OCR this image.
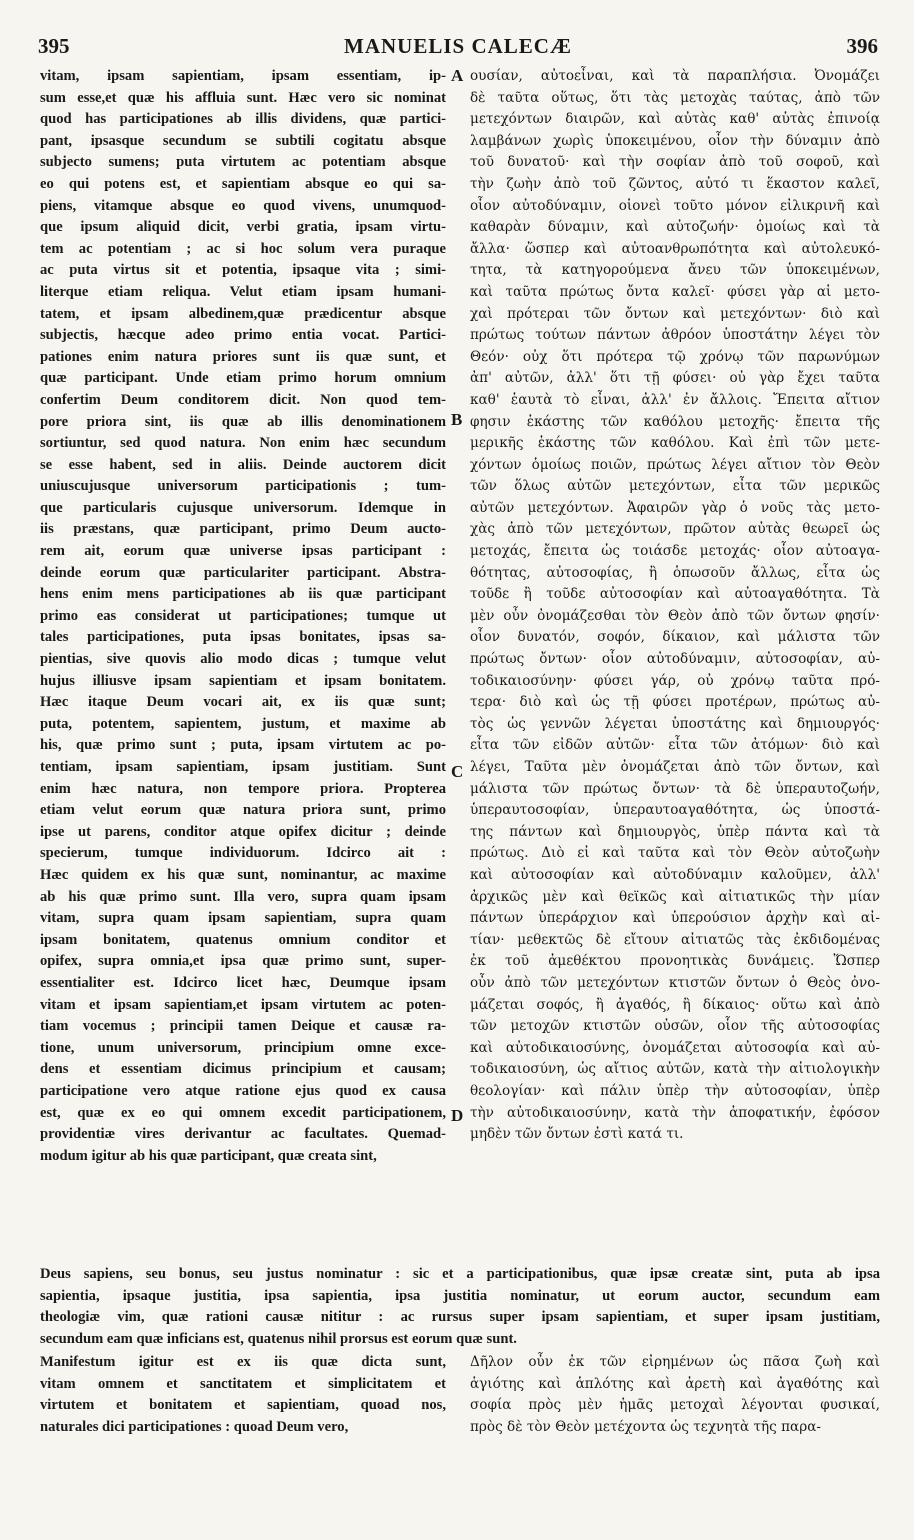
395	MANUELIS CALECÆ	396
vitam, ipsam sapientiam, ipsam essentiam, ip-
sum esse,et quæ his affluia sunt. Hæc vero sic nominat
quod has participationes ab illis dividens, quæ partici-
pant, ipsasque secundum se subtili cogitatu absque
subjecto sumens; puta virtutem ac potentiam absque
eo qui potens est, et sapientiam absque eo qui sa-
piens, vitamque absque eo quod vivens, unumquod-
que ipsum aliquid dicit, verbi gratia, ipsam virtu-
tem ac potentiam ; ac si hoc solum vera puraque
ac puta virtus sit et potentia, ipsaque vita ; simi-
literque etiam reliqua. Velut etiam ipsam humani-
tatem, et ipsam albedinem,quæ prædicentur absque
subjectis, hæcque adeo primo entia vocat. Partici-
pationes enim natura priores sunt iis quæ sunt, et
quæ participant. Unde etiam primo horum omnium
confertim Deum conditorem dicit. Non quod tem-
pore priora sint, iis quæ ab illis denominationem
sortiuntur, sed quod natura. Non enim hæc secundum
se esse habent, sed in aliis. Deinde auctorem dicit
uniuscujusque universorum participationis ; tum-
que particularis cujusque universorum. Idemque in
iis præstans, quæ participant, primo Deum aucto-
rem ait, eorum quæ universe ipsas participant :
deinde eorum quæ particulariter participant. Abstra-
hens enim mens participationes ab iis quæ participant
primo eas considerat ut participationes; tumque ut
tales participationes, puta ipsas bonitates, ipsas sa-
pientias, sive quovis alio modo dicas ; tumque velut
hujus illiusve ipsam sapientiam et ipsam bonitatem.
Hæc itaque Deum vocari ait, ex iis quæ sunt;
puta, potentem, sapientem, justum, et maxime ab
his, quæ primo sunt ; puta, ipsam virtutem ac po-
tentiam, ipsam sapientiam, ipsam justitiam. Sunt
enim hæc natura, non tempore priora. Propterea
etiam velut eorum quæ natura priora sunt, primo
ipse ut parens, conditor atque opifex dicitur ; deinde
specierum, tumque individuorum. Idcirco ait :
Hæc quidem ex his quæ sunt, nominantur, ac maxime
ab his quæ primo sunt. Illa vero, supra quam ipsam
vitam, supra quam ipsam sapientiam, supra quam
ipsam bonitatem, quatenus omnium conditor et
opifex, supra omnia,et ipsa quæ primo sunt, super-
essentialiter est. Idcirco licet hæc, Deumque ipsam
vitam et ipsam sapientiam,et ipsam virtutem ac poten-
tiam vocemus ; principii tamen Deique et causæ ra-
tione, unum universorum, principium omne exce-
dens et essentiam dicimus principium et causam;
participatione vero atque ratione ejus quod ex causa
est, quæ ex eo qui omnem excedit participationem,
providentiæ vires derivantur ac facultates. Quemad-
modum igitur ab his quæ participant, quæ creata sint,
ουσίαν, αὐτοεἶναι, καὶ τὰ παραπλήσια. Ὀνομάζει
δὲ ταῦτα οὕτως, ὅτι τὰς μετοχὰς ταύτας, ἀπὸ τῶν
μετεχόντων διαιρῶν, καὶ αὐτὰς καθ' αὑτὰς ἐπινοίᾳ
λαμβάνων χωρὶς ὑποκειμένου, οἷον τὴν δύναμιν ἀπὸ
τοῦ δυνατοῦ· καὶ τὴν σοφίαν ἀπὸ τοῦ σοφοῦ, καὶ
τὴν ζωὴν ἀπὸ τοῦ ζῶντος, αὐτό τι ἕκαστον καλεῖ,
οἷον αὐτοδύναμιν, οἱονεὶ τοῦτο μόνον εἰλικρινῆ καὶ
καθαρὰν δύναμιν, καὶ αὐτοζωήν· ὁμοίως καὶ τὰ
ἄλλα· ὥσπερ καὶ αὐτοανθρωπότητα καὶ αὐτολευκό-
τητα, τὰ κατηγορούμενα ἄνευ τῶν ὑποκειμένων,
καὶ ταῦτα πρώτως ὄντα καλεῖ· φύσει γὰρ αἱ μετο-
χαὶ πρότεραι τῶν ὄντων καὶ μετεχόντων· διὸ καὶ
πρώτως τούτων πάντων ἀθρόον ὑποστάτην λέγει τὸν
Θεόν· οὐχ ὅτι πρότερα τῷ χρόνῳ τῶν παρωνύμων
ἀπ' αὐτῶν, ἀλλ' ὅτι τῇ φύσει· οὐ γὰρ ἔχει ταῦτα
καθ' ἑαυτὰ τὸ εἶναι, ἀλλ' ἐν ἄλλοις. Ἔπειτα αἴτιον
φησιν ἑκάστης τῶν καθόλου μετοχῆς· ἔπειτα τῆς
μερικῆς ἑκάστης τῶν καθόλου. Καὶ ἐπὶ τῶν μετε-
χόντων ὁμοίως ποιῶν, πρώτως λέγει αἴτιον τὸν Θεὸν
τῶν ὅλως αὐτῶν μετεχόντων, εἶτα τῶν μερικῶς
αὐτῶν μετεχόντων. Ἀφαιρῶν γὰρ ὁ νοῦς τὰς μετο-
χὰς ἀπὸ τῶν μετεχόντων, πρῶτον αὐτὰς θεωρεῖ ὡς
μετοχάς, ἔπειτα ὡς τοιάσδε μετοχάς· οἷον αὐτοαγα-
θότητας, αὐτοσοφίας, ἢ ὁπωσοῦν ἄλλως, εἶτα ὡς
τοῦδε ἢ τοῦδε αὐτοσοφίαν καὶ αὐτοαγαθότητα. Τὰ
μὲν οὖν ὀνομάζεσθαι τὸν Θεὸν ἀπὸ τῶν ὄντων φησίν·
οἷον δυνατόν, σοφόν, δίκαιον, καὶ μάλιστα τῶν
πρώτως ὄντων· οἷον αὐτοδύναμιν, αὐτοσοφίαν, αὐ-
τοδικαιοσύνην· φύσει γάρ, οὐ χρόνῳ ταῦτα πρό-
τερα· διὸ καὶ ὡς τῇ φύσει προτέρων, πρώτως αὐ-
τὸς ὡς γεννῶν λέγεται ὑποστάτης καὶ δημιουργός·
εἶτα τῶν εἰδῶν αὐτῶν· εἶτα τῶν ἀτόμων· διὸ καὶ
λέγει, Ταῦτα μὲν ὀνομάζεται ἀπὸ τῶν ὄντων, καὶ
μάλιστα τῶν πρώτως ὄντων· τὰ δὲ ὑπεραυτοζωήν,
ὑπεραυτοσοφίαν, ὑπεραυτοαγαθότητα, ὡς ὑποστά-
της πάντων καὶ δημιουργὸς, ὑπὲρ πάντα καὶ τὰ
πρώτως. Διὸ εἰ καὶ ταῦτα καὶ τὸν Θεὸν αὐτοζωὴν
καὶ αὐτοσοφίαν καὶ αὐτοδύναμιν καλοῦμεν, ἀλλ'
ἀρχικῶς μὲν καὶ θεϊκῶς καὶ αἰτιατικῶς τὴν μίαν
πάντων ὑπεράρχιον καὶ ὑπερούσιον ἀρχὴν καὶ αἰ-
τίαν· μεθεκτῶς δὲ εἴτουν αἰτιατῶς τὰς ἐκδιδομένας
ἐκ τοῦ ἀμεθέκτου προνοητικὰς δυνάμεις. Ὥσπερ
οὖν ἀπὸ τῶν μετεχόντων κτιστῶν ὄντων ὁ Θεὸς ὀνο-
μάζεται σοφός, ἢ ἀγαθός, ἢ δίκαιος· οὕτω καὶ ἀπὸ
τῶν μετοχῶν κτιστῶν οὐσῶν, οἷον τῆς αὐτοσοφίας
καὶ αὐτοδικαιοσύνης, ὀνομάζεται αὐτοσοφία καὶ αὐ-
τοδικαιοσύνη, ὡς αἴτιος αὐτῶν, κατὰ τὴν αἰτιολογικὴν
θεολογίαν· καὶ πάλιν ὑπὲρ τὴν αὐτοσοφίαν, ὑπὲρ
τὴν αὐτοδικαιοσύνην, κατὰ τὴν ἀποφατικήν, ἐφόσον
μηδὲν τῶν ὄντων ἐστὶ κατά τι.
A
B
C
D
Deus sapiens, seu bonus, seu justus nominatur : sic et a participationibus, quæ ipsæ creatæ sint, puta ab ipsa
sapientia, ipsaque justitia, ipsa sapientia, ipsa justitia nominatur, ut eorum auctor, secundum eam
theologiæ vim, quæ rationi causæ nititur : ac rursus super ipsam sapientiam, et super ipsam justitiam,
secundum eam quæ inficians est, quatenus nihil prorsus est eorum quæ sunt.
Manifestum igitur est ex iis quæ dicta sunt,
vitam omnem et sanctitatem et simplicitatem et
virtutem et bonitatem et sapientiam, quoad nos,
naturales dici participationes : quoad Deum vero,
Δῆλον οὖν ἐκ τῶν εἰρημένων ὡς πᾶσα ζωὴ καὶ
ἁγιότης καὶ ἁπλότης καὶ ἀρετὴ καὶ ἀγαθότης καὶ
σοφία πρὸς μὲν ἡμᾶς μετοχαὶ λέγονται φυσικαί,
πρὸς δὲ τὸν Θεὸν μετέχοντα ὡς τεχνητὰ τῆς παρα-
